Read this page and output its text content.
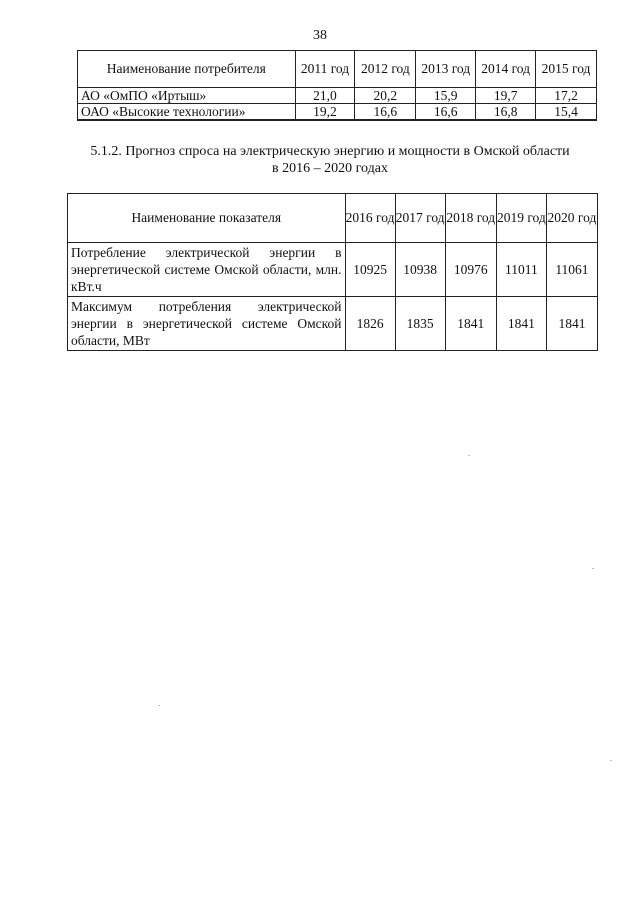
38
Наименование потребителя	2011 год	2012 год	2013 год	2014 год	2015 год
АО «ОмПО «Иртыш»	21,0	20,2	15,9	19,7	17,2
ОАО «Высокие технологии»	19,2	16,6	16,6	16,8	15,4
5.1.2. Прогноз спроса на электрическую энергию и мощности в Омской области
в 2016 – 2020 годах
Наименование показателя	2016 год	2017 год	2018 год	2019 год	2020 год
Потребление электрической энергии в энергетической системе Омской области, млн. кВт.ч	10925	10938	10976	11011	11061
Максимум потребления электрической энергии в энергетической системе Омской области, МВт	1826	1835	1841	1841	1841
